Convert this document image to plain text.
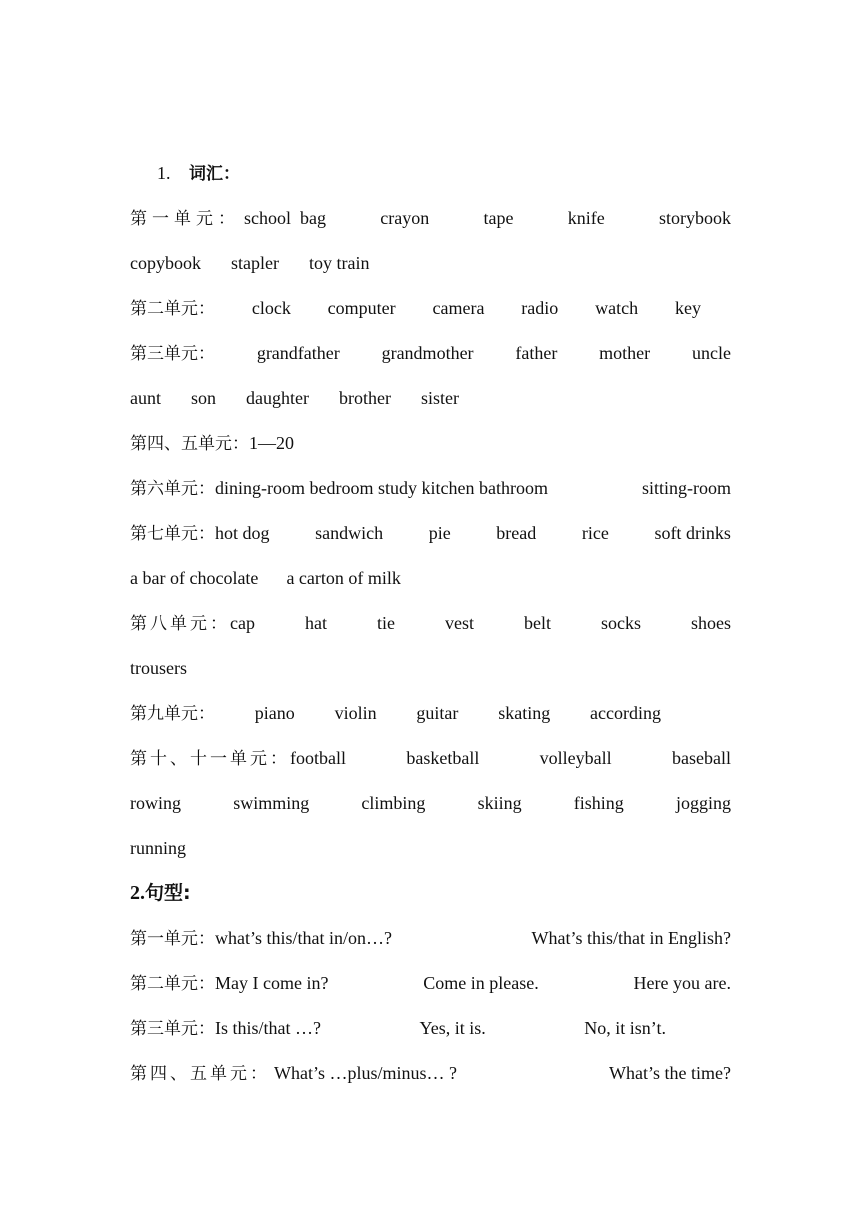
1. 词汇：
第一单元： school  bag	crayon	tape	knife	storybook
copybook stapler toy train
第二单元： clock computer camera radio watch key
第三单元： grandfather grandmother father mother uncle
aunt son daughter brother sister
第四、五单元： 1—20
第六单元： dining-room bedroom study kitchen bathroom	sitting-room
第七单元： hot dog	sandwich	pie	bread	rice	soft drinks
a bar of chocolate a carton of milk
第八单元： cap	hat	tie	vest	belt	socks	shoes
trousers
第九单元： piano violin guitar skating according
第十、十一单元： football	basketball	volleyball	baseball
rowing	swimming	climbing	skiing	fishing	jogging
running
2.句型:
第一单元： what’s this/that in/on…?	What’s this/that in English?
第二单元： May I come in?	Come in please.	Here you are.
第三单元： Is this/that …?	Yes, it is.	No, it isn’t.
第四、五单元： What’s …plus/minus… ?	What’s the time?
